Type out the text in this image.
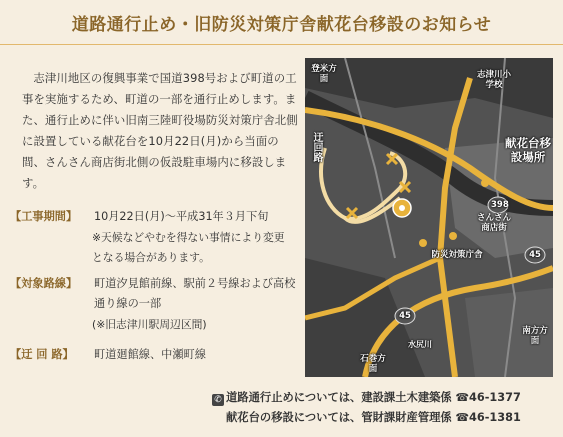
道路通行止め・旧防災対策庁舎献花台移設のお知らせ
志津川地区の復興事業で国道398号および町道の工事を実施するため、町道の一部を通行止めします。また、通行止めに伴い旧南三陸町役場防災対策庁舎北側に設置している献花台を10月22日(月)から当面の間、さんさん商店街北側の仮設駐車場内に移設します。
【工事期間】 10月22日(月)～平成31年３月下旬
※天候などやむを得ない事情により変更となる場合があります。
【対象路線】 町道汐見館前線、駅前２号線および高校通り線の一部
(※旧志津川駅周辺区間)
【迂 回 路】 町道廻館線、中瀬町線
登米方面	志津川小学校
迂回路	献花台移設場所
398
さんさん商店街
防災対策庁舎	45
45
南方方面
石巻方面
水尻川
✆ 道路通行止めについては、建設課土木建築係 ☎46-1377
献花台の移設については、管財課財産管理係 ☎46-1381
